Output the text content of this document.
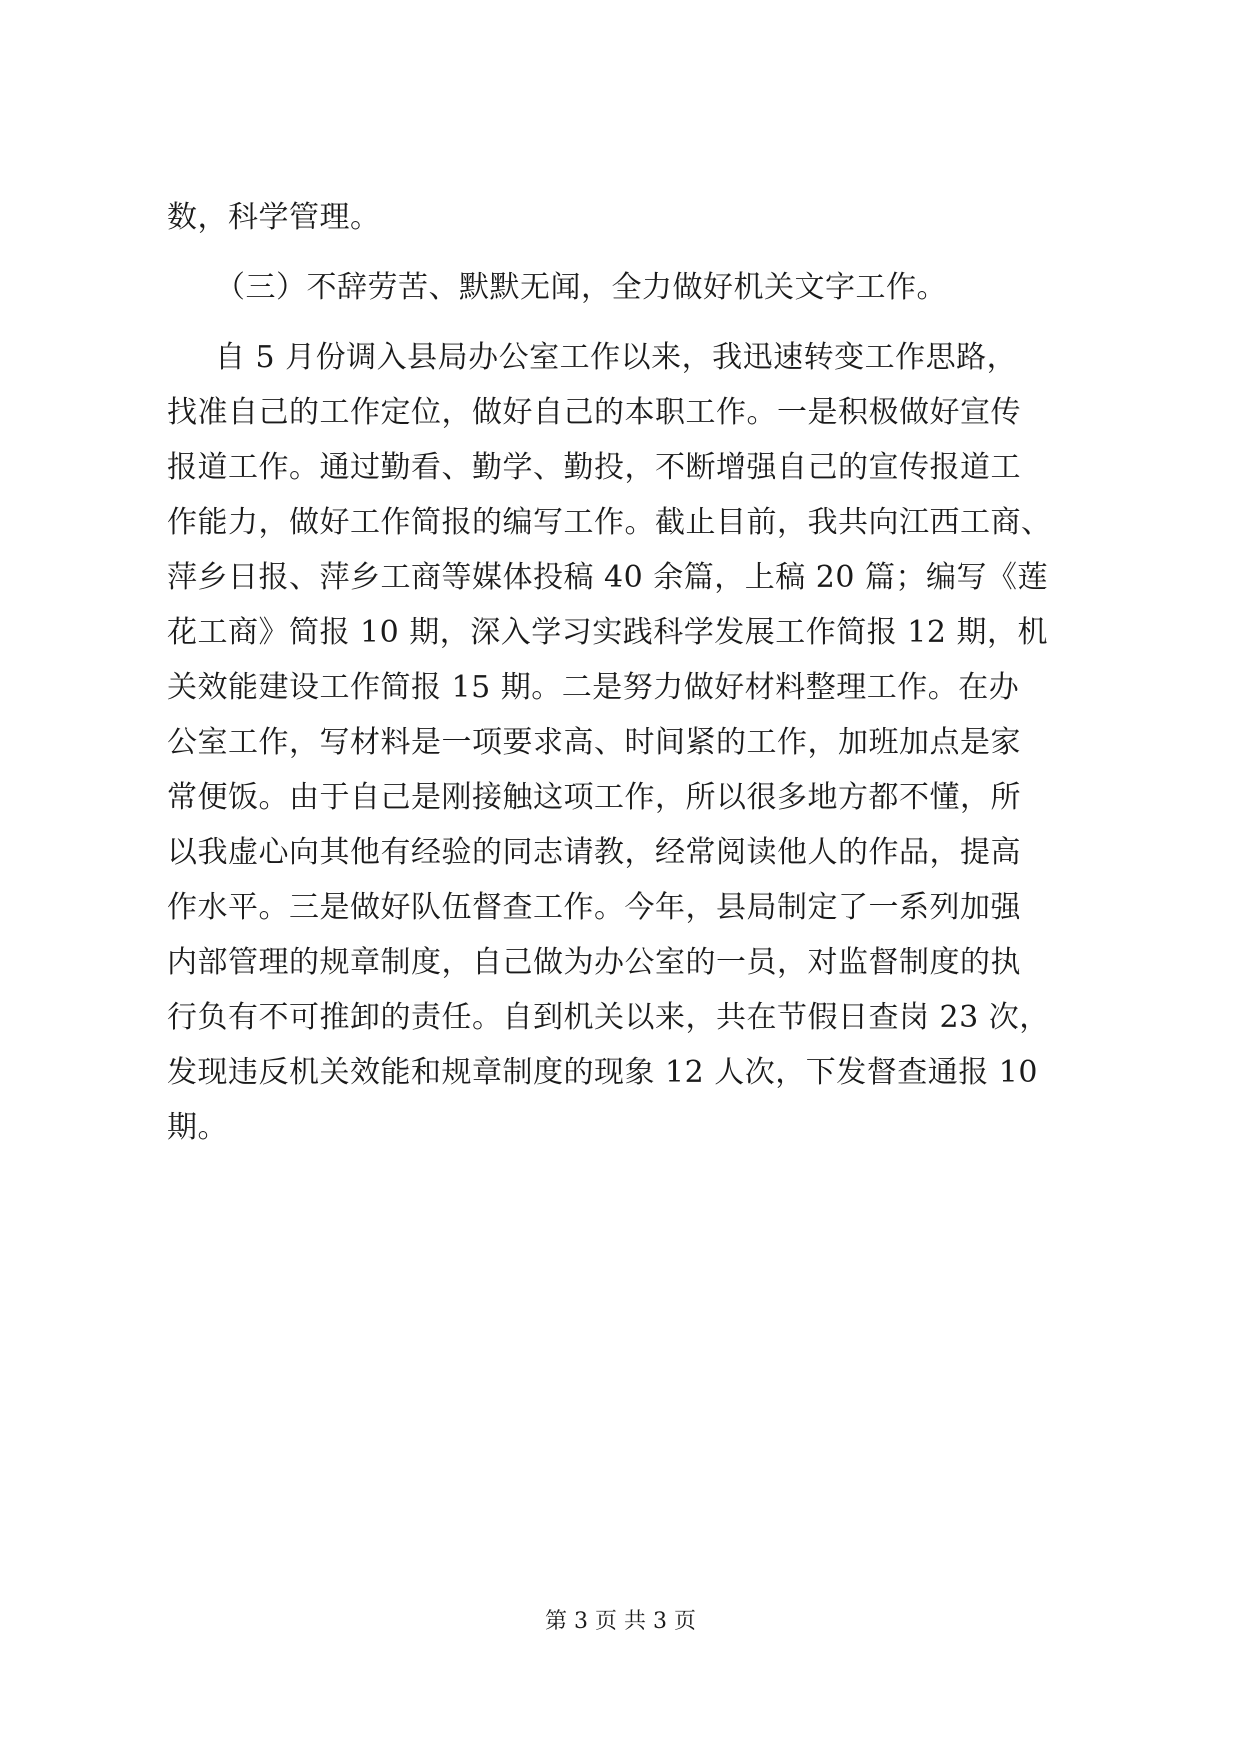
数，科学管理。
（三）不辞劳苦、默默无闻，全力做好机关文字工作。
自 5 月份调入县局办公室工作以来，我迅速转变工作思路，
找准自己的工作定位，做好自己的本职工作。一是积极做好宣传
报道工作。通过勤看、勤学、勤投，不断增强自己的宣传报道工
作能力，做好工作简报的编写工作。截止目前，我共向江西工商、
萍乡日报、萍乡工商等媒体投稿 40 余篇，上稿 20 篇；编写《莲
花工商》简报 10 期，深入学习实践科学发展工作简报 12 期，机
关效能建设工作简报 15 期。二是努力做好材料整理工作。在办
公室工作，写材料是一项要求高、时间紧的工作，加班加点是家
常便饭。由于自己是刚接触这项工作，所以很多地方都不懂，所
以我虚心向其他有经验的同志请教，经常阅读他人的作品，提高
作水平。三是做好队伍督查工作。今年，县局制定了一系列加强
内部管理的规章制度，自己做为办公室的一员，对监督制度的执
行负有不可推卸的责任。自到机关以来，共在节假日查岗 23 次，
发现违反机关效能和规章制度的现象 12 人次，下发督查通报 10
期。
第 3 页 共 3 页
